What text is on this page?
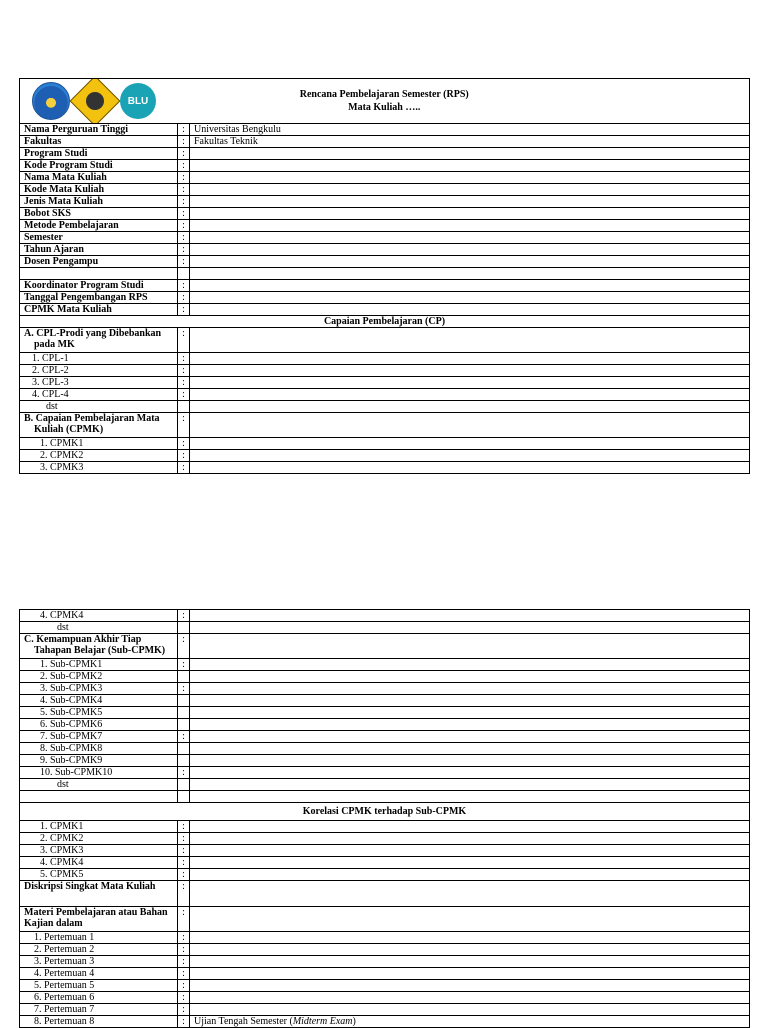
BLU		Rencana Pembelajaran Semester (RPS)
Mata Kuliah …..

Nama Perguruan Tinggi	:	Universitas Bengkulu
Fakultas	:	Fakultas Teknik
Program Studi	:	
Kode Program Studi	:	
Nama Mata Kuliah	:	
Kode Mata Kuliah	:	
Jenis Mata Kuliah	:	
Bobot SKS	:	
Metode Pembelajaran	:	
Semester	:	
Tahun Ajaran	:	
Dosen Pengampu	:	

Koordinator Program Studi	:	
Tanggal Pengembangan RPS	:	
CPMK Mata Kuliah	:	
Capaian Pembelajaran (CP)		
A. CPL-Prodi yang Dibebankan pada MK	:	
1. CPL-1	:	
2. CPL-2	:	
3. CPL-3	:	
4. CPL-4	:	
dst		
B. Capaian Pembelajaran Mata Kuliah (CPMK)	:	
1. CPMK1	:	
2. CPMK2	:	
3. CPMK3	:	
4. CPMK4	:	
dst		
C. Kemampuan Akhir Tiap Tahapan Belajar (Sub-CPMK)	:	
1. Sub-CPMK1	:	
2. Sub-CPMK2		
3. Sub-CPMK3	:	
4. Sub-CPMK4		
5. Sub-CPMK5		
6. Sub-CPMK6		
7. Sub-CPMK7	:	
8. Sub-CPMK8		
9. Sub-CPMK9		
10. Sub-CPMK10	:	
dst		

Korelasi CPMK terhadap Sub-CPMK		
1. CPMK1	:	
2. CPMK2	:	
3. CPMK3	:	
4. CPMK4	:	
5. CPMK5	:	
Diskripsi Singkat Mata Kuliah	:	
Materi Pembelajaran atau Bahan Kajian dalam	:	
1. Pertemuan 1	:	
2. Pertemuan 2	:	
3. Pertemuan 3	:	
4. Pertemuan 4	:	
5. Pertemuan 5	:	
6. Pertemuan 6	:	
7. Pertemuan 7	:	
8. Pertemuan 8	:	Ujian Tengah Semester (Midterm Exam)
